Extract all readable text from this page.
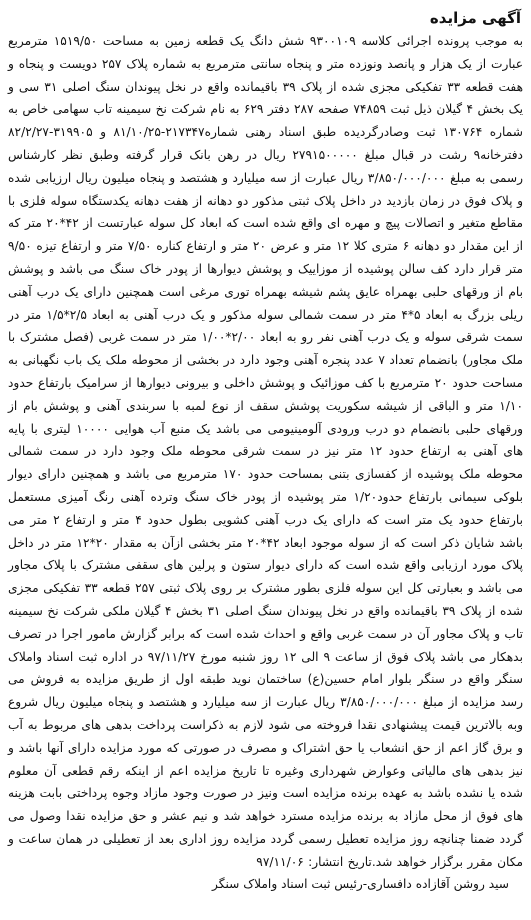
آگهی مزایده

به موجب پرونده اجرائی کلاسه ۹۳۰۰۱۰۹ شش دانگ یک قطعه زمین به مساحت ۱۵۱۹/۵۰ مترمربع عبارت از یک هزار و پانصد ونوزده متر و پنجاه سانتی مترمربع به شماره پلاک ۲۵۷ دویست و پنجاه و هفت قطعه ۳۳ تفکیکی مجزی شده از پلاک ۳۹ باقیمانده واقع در نخل پیوندان سنگ اصلی ۳۱ سی و یک بخش ۴ گیلان ذیل ثبت ۷۴۸۵۹ صفحه ۲۸۷ دفتر ۶۲۹ به نام شرکت نخ سیمینه تاب سهامی خاص به شماره ۱۳۰۷۶۴ ثبت وصادرگردیده طبق اسناد رهنی شماره۲۱۷۳۴۷-۸۱/۱۰/۲۵ و ۳۱۹۹۰۵-۸۲/۲/۲۷ دفترخانه۹ رشت در قبال مبلغ ۲۷۹۱۵۰۰۰۰۰ ریال در رهن بانک قرار گرفته وطبق نظر کارشناس رسمی به مبلغ ۳/۸۵۰/۰۰۰/۰۰۰ ریال عبارت از سه میلیارد و هشتصد و پنجاه میلیون ریال ارزیابی شده و پلاک فوق در زمان بازدید در داخل پلاک ثبتی مذکور دو دهانه از هفت دهانه یکدستگاه سوله فلزی با مقاطع متغیر و اتصالات پیچ و مهره ای واقع شده است که ابعاد کل سوله عبارتست از ۴۲*۲۰ متر که از این مقدار دو دهانه ۶ متری کلا ۱۲ متر و عرض ۲۰ متر و ارتفاع کناره ۷/۵۰ متر و ارتفاع تیزه ۹/۵۰ متر قرار دارد کف سالن پوشیده از موزاییک و پوشش دیوارها از پودر خاک سنگ می باشد و پوشش بام از ورقهای حلبی بهمراه عایق پشم شیشه بهمراه توری مرغی است همچنین دارای یک درب آهنی ریلی بزرگ به ابعاد ۵*۴ متر در سمت شمالی سوله مذکور و یک درب آهنی به ابعاد ۲/۵*۱/۵ متر در سمت شرقی سوله و یک درب آهنی نفر رو به ابعاد ۲/۰۰*۱/۰۰ متر در سمت غربی (فصل مشترک با ملک مجاور) بانضمام تعداد ۷ عدد پنجره آهنی وجود دارد در بخشی از محوطه ملک یک باب نگهبانی به مساحت حدود ۲۰ مترمربع با کف موزائیک و پوشش داخلی و بیرونی دیوارها از سرامیک بارتفاع حدود ۱/۱۰ متر و الباقی از شیشه سکوریت پوشش سقف از نوع لمبه با سربندی آهنی و پوشش بام از ورقهای حلبی بانضمام دو درب ورودی آلومینیومی می باشد یک منبع آب هوایی ۱۰۰۰۰ لیتری با پایه های آهنی به ارتفاع حدود ۱۲ متر نیز در سمت شرقی محوطه ملک وجود دارد در سمت شمالی محوطه ملک پوشیده از کفسازی بتنی بمساحت حدود ۱۷۰ مترمربع می باشد و همچنین دارای دیوار بلوکی سیمانی بارتفاع حدود۱/۲۰ متر پوشیده از پودر خاک سنگ وترده آهنی رنگ آمیزی مستعمل بارتفاع حدود یک متر است که دارای یک درب آهنی کشویی بطول حدود ۴ متر و ارتفاع ۲ متر می باشد شایان ذکر است که از سوله موجود ابعاد ۴۲*۲۰ متر بخشی ازآن به مقدار ۲۰*۱۲ متر در داخل پلاک مورد ارزیابی واقع شده است که دارای دیوار ستون و پرلین های سقفی مشترک با پلاک مجاور می باشد و بعبارتی کل این سوله فلزی بطور مشترک بر روی پلاک ثبتی ۲۵۷ قطعه ۳۳ تفکیکی مجزی شده از پلاک ۳۹ باقیمانده واقع در نخل پیوندان سنگ اصلی ۳۱ بخش ۴ گیلان ملکی شرکت نخ سیمینه تاب و پلاک مجاور آن در سمت غربی واقع و احداث شده است که برابر گزارش مامور اجرا در تصرف بدهکار می باشد پلاک فوق از ساعت ۹ الی ۱۲ روز شنبه مورخ ۹۷/۱۱/۲۷ در اداره ثبت اسناد واملاک سنگر واقع در سنگر بلوار امام حسین(ع) ساختمان نوید طبقه اول از طریق مزایده به فروش می رسد مزایده از مبلغ ۳/۸۵۰/۰۰۰/۰۰۰ ریال عبارت از سه میلیارد و هشتصد و پنجاه میلیون ریال شروع وبه بالاترین قیمت پیشنهادی نقدا فروخته می شود لازم به ذکراست پرداخت بدهی های مربوط به آب و برق گاز اعم از حق انشعاب یا حق اشتراک و مصرف در صورتی که مورد مزایده دارای آنها باشد و نیز بدهی های مالیاتی وعوارض شهرداری وغیره تا تاریخ مزایده اعم از اینکه رقم قطعی آن معلوم شده یا نشده باشد به عهده برنده مزایده است ونیز در صورت وجود مازاد وجوه پرداختی بابت هزینه های فوق از محل مازاد به برنده مزایده مسترد خواهد شد و نیم عشر و حق مزایده نقدا وصول می گردد ضمنا چنانچه روز مزایده تعطیل رسمی گردد مزایده روز اداری بعد از تعطیلی در همان ساعت و مکان مقرر برگزار خواهد شد.تاریخ انتشار: ۹۷/۱۱/۰۶

سید روشن آقازاده دافساری-رئیس ثبت اسناد واملاک سنگر
